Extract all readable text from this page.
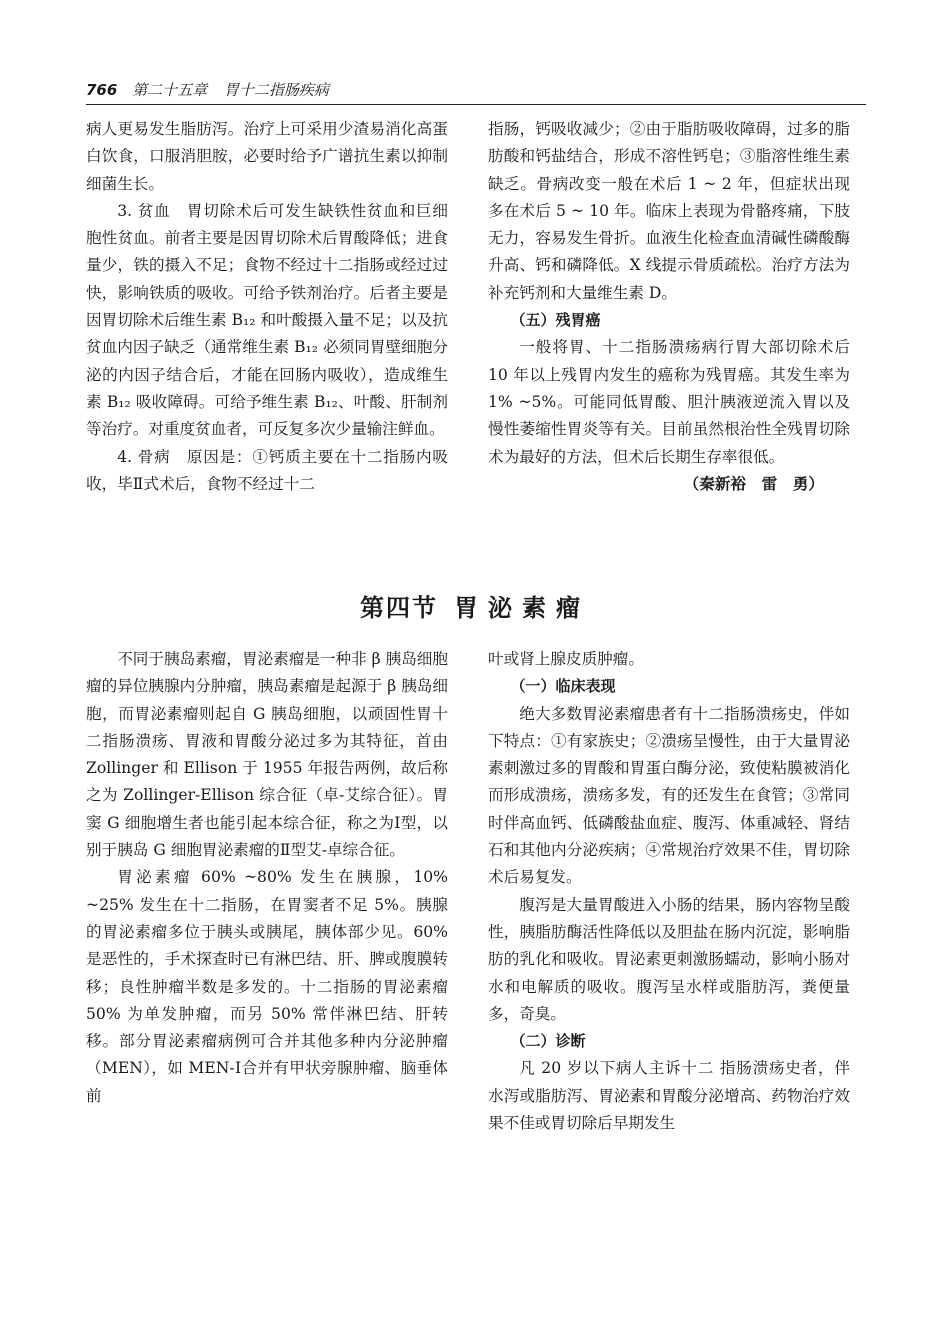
766 第二十五章 胃十二指肠疾病

病人更易发生脂肪泻。治疗上可采用少渣易消化高蛋白饮食，口服消胆胺，必要时给予广谱抗生素以抑制细菌生长。

3. 贫血　胃切除术后可发生缺铁性贫血和巨细胞性贫血。前者主要是因胃切除术后胃酸降低；进食量少，铁的摄入不足；食物不经过十二指肠或经过过快，影响铁质的吸收。可给予铁剂治疗。后者主要是因胃切除术后维生素 B₁₂ 和叶酸摄入量不足；以及抗贫血内因子缺乏（通常维生素 B₁₂ 必须同胃壁细胞分泌的内因子结合后，才能在回肠内吸收），造成维生素 B₁₂ 吸收障碍。可给予维生素 B₁₂、叶酸、肝制剂等治疗。对重度贫血者，可反复多次少量输注鲜血。

4. 骨病　原因是：①钙质主要在十二指肠内吸收，毕Ⅱ式术后，食物不经过十二

指肠，钙吸收减少；②由于脂肪吸收障碍，过多的脂肪酸和钙盐结合，形成不溶性钙皂；③脂溶性维生素缺乏。骨病改变一般在术后 1 ~ 2 年，但症状出现多在术后 5 ~ 10 年。临床上表现为骨骼疼痛，下肢无力，容易发生骨折。血液生化检查血清碱性磷酸酶升高、钙和磷降低。X 线提示骨质疏松。治疗方法为补充钙剂和大量维生素 D。

（五）残胃癌

一般将胃、十二指肠溃疡病行胃大部切除术后 10 年以上残胃内发生的癌称为残胃癌。其发生率为 1% ~5%。可能同低胃酸、胆汁胰液逆流入胃以及慢性萎缩性胃炎等有关。目前虽然根治性全残胃切除术为最好的方法，但术后长期生存率很低。

（秦新裕　雷　勇）

第四节 胃泌素瘤

不同于胰岛素瘤，胃泌素瘤是一种非 β 胰岛细胞瘤的异位胰腺内分肿瘤，胰岛素瘤是起源于 β 胰岛细胞，而胃泌素瘤则起自 G 胰岛细胞，以顽固性胃十二指肠溃疡、胃液和胃酸分泌过多为其特征，首由 Zollinger 和 Ellison 于 1955 年报告两例，故后称之为 Zollinger-Ellison 综合征（卓-艾综合征）。胃窦 G 细胞增生者也能引起本综合征，称之为Ⅰ型，以别于胰岛 G 细胞胃泌素瘤的Ⅱ型艾-卓综合征。

胃泌素瘤 60% ~80% 发生在胰腺，10% ~25% 发生在十二指肠，在胃窦者不足 5%。胰腺的胃泌素瘤多位于胰头或胰尾，胰体部少见。60% 是恶性的，手术探查时已有淋巴结、肝、脾或腹膜转移；良性肿瘤半数是多发的。十二指肠的胃泌素瘤 50% 为单发肿瘤，而另 50% 常伴淋巴结、肝转移。部分胃泌素瘤病例可合并其他多种内分泌肿瘤（MEN），如 MEN-Ⅰ合并有甲状旁腺肿瘤、脑垂体前

叶或肾上腺皮质肿瘤。

（一）临床表现

绝大多数胃泌素瘤患者有十二指肠溃疡史，伴如下特点：①有家族史；②溃疡呈慢性，由于大量胃泌素刺激过多的胃酸和胃蛋白酶分泌，致使粘膜被消化而形成溃疡，溃疡多发，有的还发生在食管；③常同时伴高血钙、低磷酸盐血症、腹泻、体重减轻、肾结石和其他内分泌疾病；④常规治疗效果不佳，胃切除术后易复发。

腹泻是大量胃酸进入小肠的结果，肠内容物呈酸性，胰脂肪酶活性降低以及胆盐在肠内沉淀，影响脂肪的乳化和吸收。胃泌素更刺激肠蠕动，影响小肠对水和电解质的吸收。腹泻呈水样或脂肪泻，粪便量多，奇臭。

（二）诊断

凡 20 岁以下病人主诉十二 指肠溃疡史者，伴水泻或脂肪泻、胃泌素和胃酸分泌增高、药物治疗效果不佳或胃切除后早期发生
